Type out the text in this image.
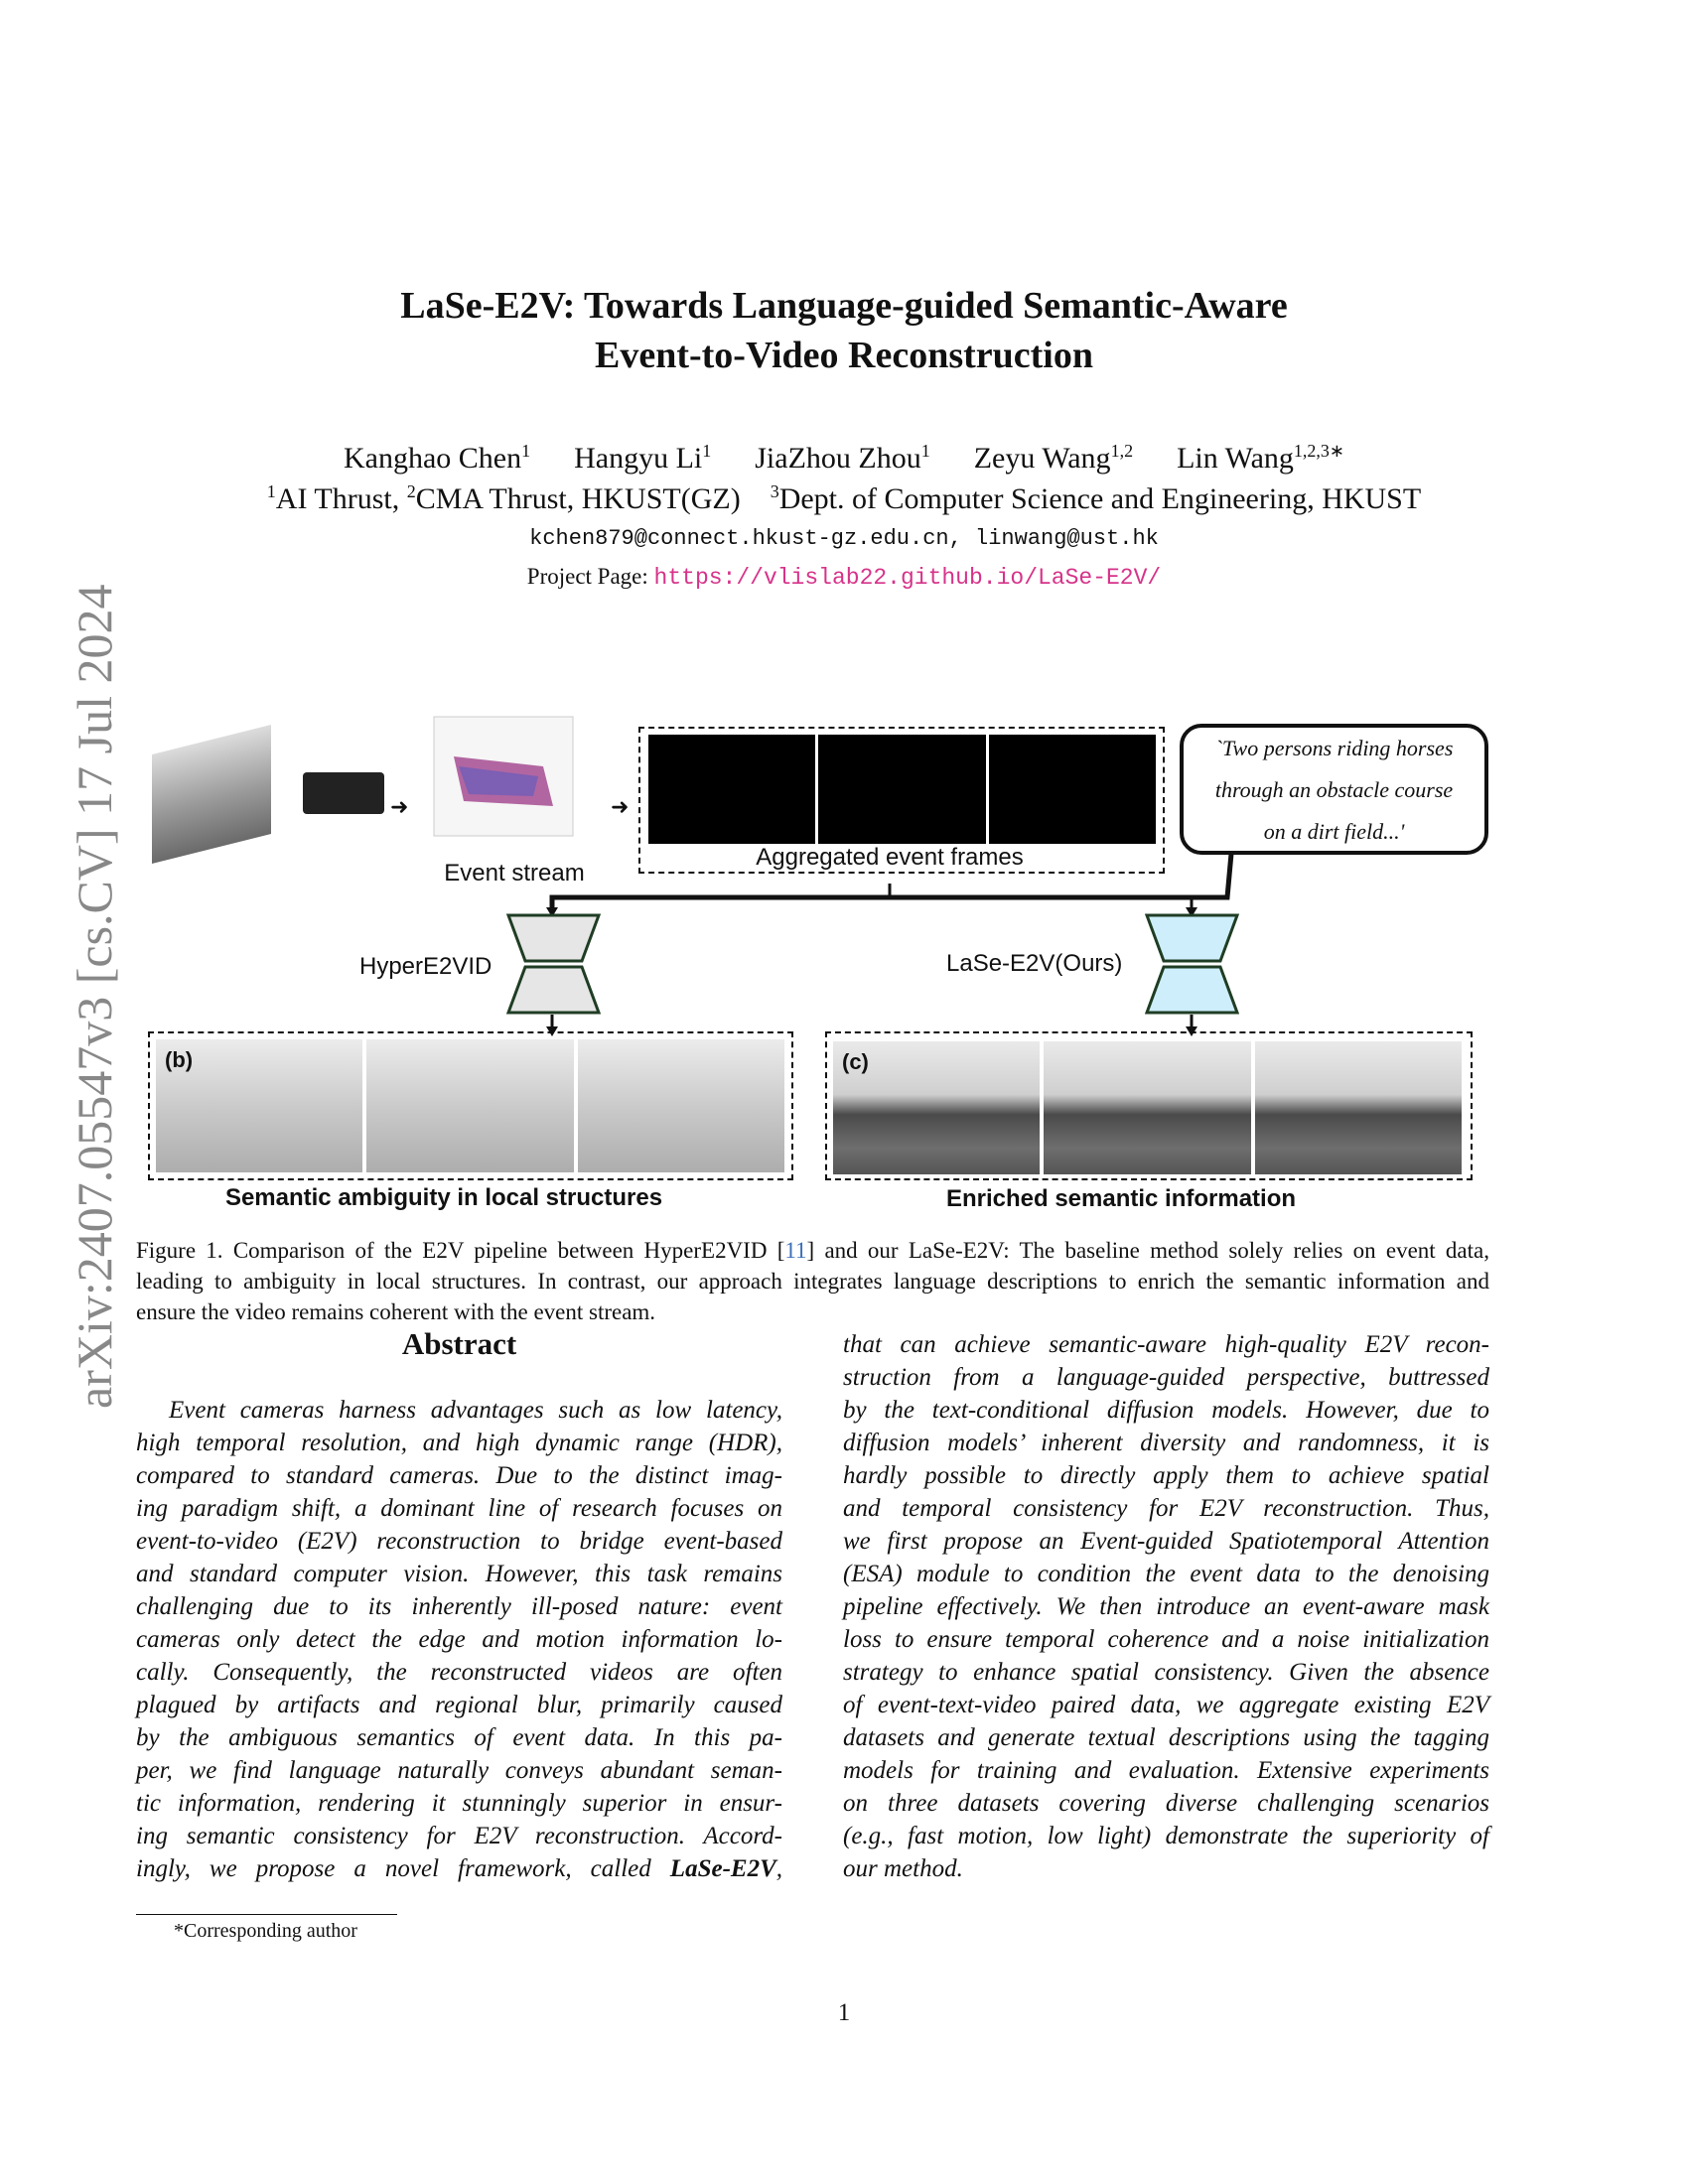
arXiv:2407.05547v3 [cs.CV] 17 Jul 2024
LaSe-E2V: Towards Language-guided Semantic-Aware
Event-to-Video Reconstruction
Kanghao Chen$^1$ Hangyu Li$^1$ JiaZhou Zhou$^1$ Zeyu Wang$^{1,2}$ Lin Wang$^{1,2,3∗}$
$^1$AI Thrust, $^2$CMA Thrust, HKUST(GZ) $^3$Dept. of Computer Science and Engineering, HKUST
kchen879@connect.hkust-gz.edu.cn, linwang@ust.hk
Project Page: https://vlislab22.github.io/LaSe-E2V/
➜
Event stream
➜
Aggregated event frames
`Two persons riding horses
through an obstacle course
on a dirt field...'
HyperE2VID	LaSe-E2V(Ours)
(b)	(c)
Semantic ambiguity in local structures	Enriched semantic information
Figure 1. Comparison of the E2V pipeline between HyperE2VID [11] and our LaSe-E2V: The baseline method solely relies on event data,
leading to ambiguity in local structures. In contrast, our approach integrates language descriptions to enrich the semantic information and
ensure the video remains coherent with the event stream.
Abstract
Event cameras harness advantages such as low latency,
high temporal resolution, and high dynamic range (HDR),
compared to standard cameras. Due to the distinct imag-
ing paradigm shift, a dominant line of research focuses on
event-to-video (E2V) reconstruction to bridge event-based
and standard computer vision. However, this task remains
challenging due to its inherently ill-posed nature: event
cameras only detect the edge and motion information lo-
cally. Consequently, the reconstructed videos are often
plagued by artifacts and regional blur, primarily caused
by the ambiguous semantics of event data. In this pa-
per, we find language naturally conveys abundant seman-
tic information, rendering it stunningly superior in ensur-
ing semantic consistency for E2V reconstruction. Accord-
ingly, we propose a novel framework, called LaSe-E2V,
that can achieve semantic-aware high-quality E2V recon-
struction from a language-guided perspective, buttressed
by the text-conditional diffusion models. However, due to
diffusion models’ inherent diversity and randomness, it is
hardly possible to directly apply them to achieve spatial
and temporal consistency for E2V reconstruction. Thus,
we first propose an Event-guided Spatiotemporal Attention
(ESA) module to condition the event data to the denoising
pipeline effectively. We then introduce an event-aware mask
loss to ensure temporal coherence and a noise initialization
strategy to enhance spatial consistency. Given the absence
of event-text-video paired data, we aggregate existing E2V
datasets and generate textual descriptions using the tagging
models for training and evaluation. Extensive experiments
on three datasets covering diverse challenging scenarios
(e.g., fast motion, low light) demonstrate the superiority of
our method.
*Corresponding author
1
